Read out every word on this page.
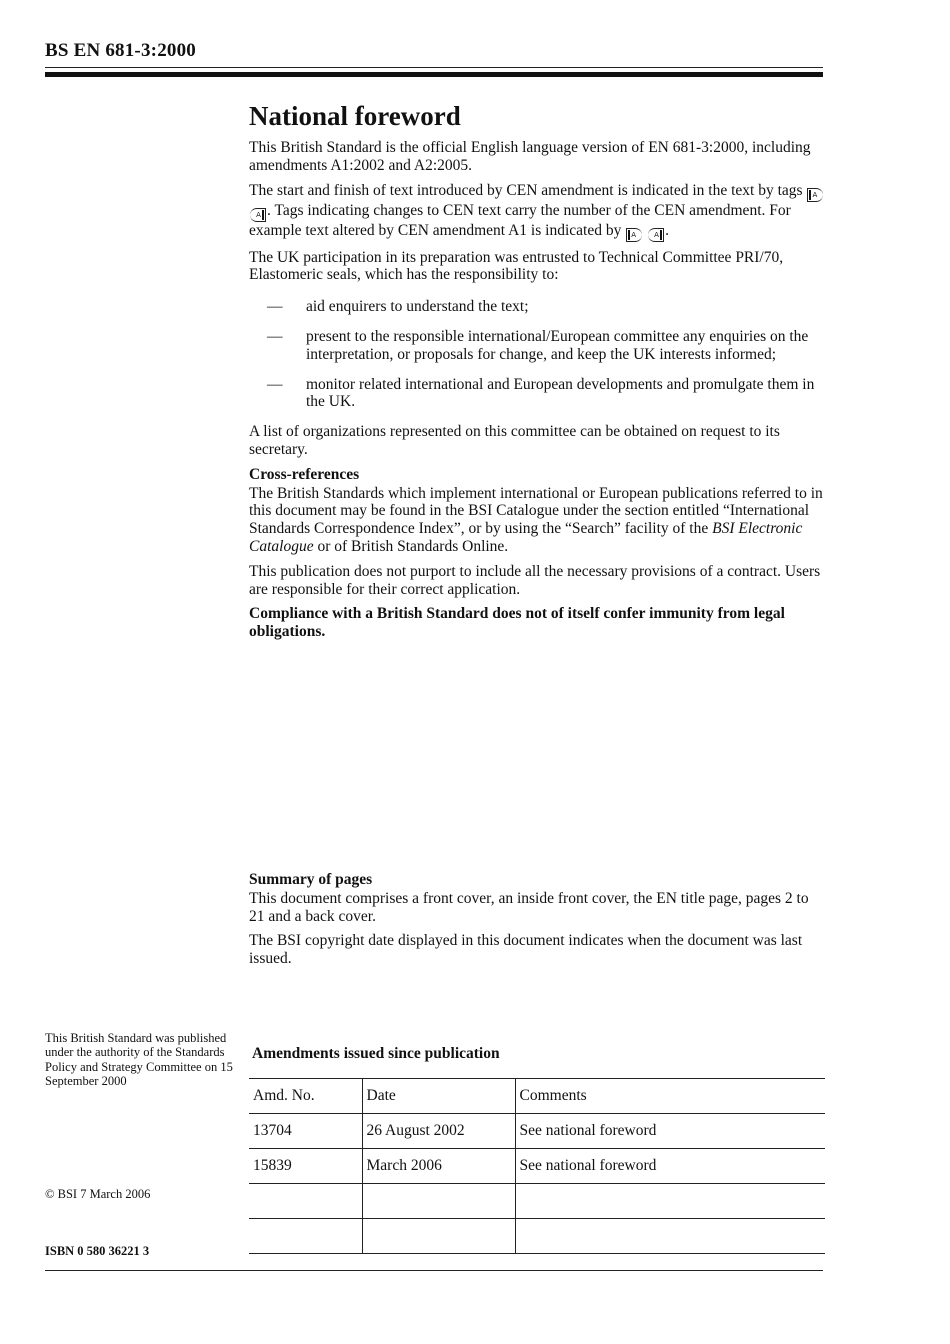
BS EN 681-3:2000
National foreword

This British Standard is the official English language version of EN 681-3:2000, including amendments A1:2002 and A2:2005.

The start and finish of text introduced by CEN amendment is indicated in the text by tags
A A . Tags indicating changes to CEN text carry the number of the CEN amendment. For example text altered by CEN amendment A1 is indicated by
A	A .

The UK participation in its preparation was entrusted to Technical Committee PRI/70, Elastomeric seals, which has the responsibility to:

— aid enquirers to understand the text;
— present to the responsible international/European committee any enquiries on the interpretation, or proposals for change, and keep the UK interests informed;
— monitor related international and European developments and promulgate them in the UK.

A list of organizations represented on this committee can be obtained on request to its secretary.

Cross-references

The British Standards which implement international or European publications referred to in this document may be found in the BSI Catalogue under the section entitled “International Standards Correspondence Index”, or by using the “Search” facility of the BSI Electronic Catalogue or of British Standards Online.

This publication does not purport to include all the necessary provisions of a contract. Users are responsible for their correct application.

Compliance with a British Standard does not of itself confer immunity from legal obligations.

Summary of pages

This document comprises a front cover, an inside front cover, the EN title page, pages 2 to 21 and a back cover.

The BSI copyright date displayed in this document indicates when the document was last issued.

This British Standard was published under the authority of the Standards Policy and Strategy Committee on 15 September 2000
© BSI 7 March 2006
ISBN 0 580 36221 3
Amendments issued since publication
Amd. No.	Date	Comments
13704	26 August 2002	See national foreword
15839	March 2006	See national foreword
